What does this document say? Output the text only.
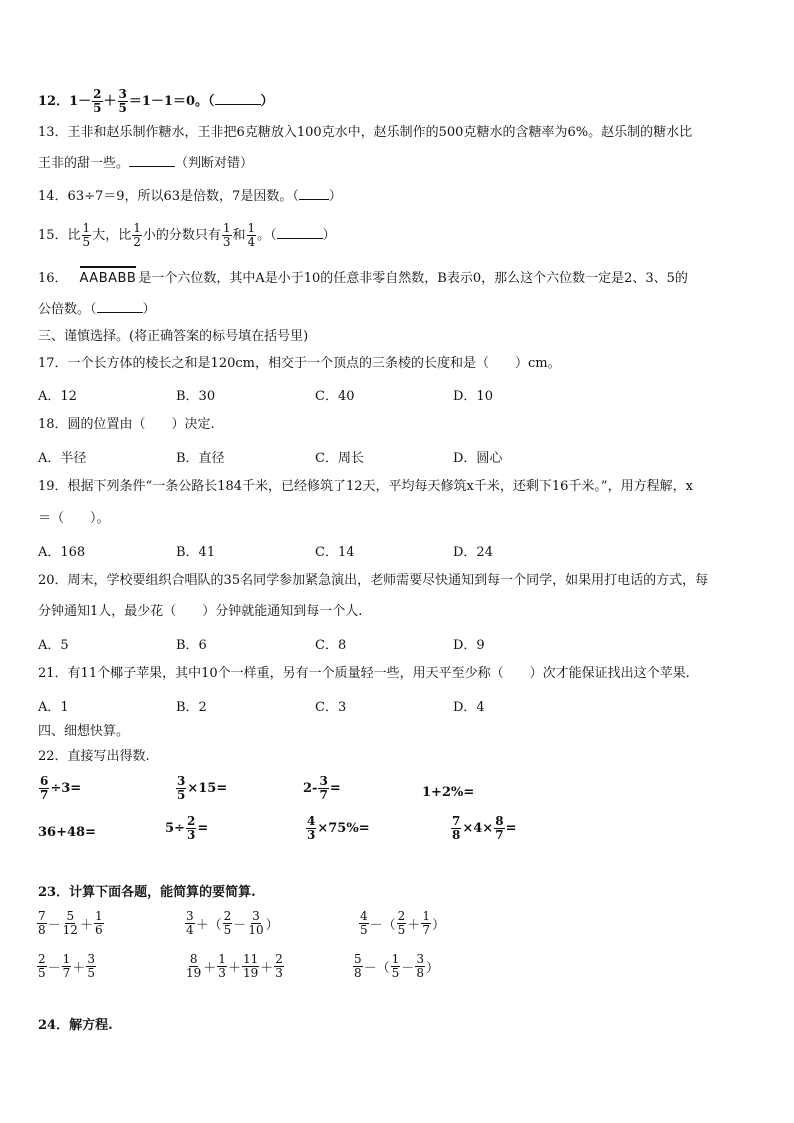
12．$1- \frac{2}{5} + \frac{3}{5} =1-1=0$。（	）
13．王非和赵乐制作糖水，王非把6克糖放入100克水中，赵乐制作的500克糖水的含糖率为6%。赵乐制的糖水比
王非的甜一些。	（判断对错）
14．63÷7＝9，所以63是倍数，7是因数。（ ）
15．比 $\frac{1}{5}$ 大，比 $\frac{1}{2}$ 小的分数只有 $\frac{1}{3}$ 和 $\frac{1}{4}$ 。（	）
16． AABABB 是一个六位数，其中A是小于10的任意非零自然数，B表示0，那么这个六位数一定是2、3、5的
公倍数。（	）
三、谨慎选择。(将正确答案的标号填在括号里)
17．一个长方体的棱长之和是120cm，相交于一个顶点的三条棱的长度和是（　　）cm。
A．12	B．30	C．40	D．10
18．圆的位置由（　　）决定.
A．半径	B．直径	C．周长	D．圆心
19．根据下列条件“一条公路长184千米，已经修筑了12天，平均每天修筑x千米，还剩下16千米。”，用方程解，x
＝（　　）。
A．168	B．41	C．14	D．24
20．周末，学校要组织合唱队的35名同学参加紧急演出，老师需要尽快通知到每一个同学，如果用打电话的方式，每
分钟通知1人，最少花（　　）分钟就能通知到每一个人.
A．5	B．6	C．8	D．9
21．有11个椰子苹果，其中10个一样重，另有一个质量轻一些，用天平至少称（　　）次才能保证找出这个苹果.
A．1	B．2	C．3	D．4
四、细想快算。
22．直接写出得数.
$\frac{6}{7} \div 3=$	$\frac{3}{5} \times 15=$	$2- \frac{3}{7}$ =	1+2%=
36+48=	$5\div \frac{2}{3}$ =	$\frac{4}{3} \times 75\%=$	$\frac{7}{8} \times 4\times \frac{8}{7}$ =
23．计算下面各题，能简算的要简算.
$\frac{7}{8} - \frac{5}{12} + \frac{1}{6}$	$\frac{3}{4}$ ＋（ $\frac{2}{5} - \frac{3}{10}$ ）	$\frac{4}{5}$ －（ $\frac{2}{5} + \frac{1}{7}$ ）
$\frac{2}{5} - \frac{1}{7} + \frac{3}{5}$	$\frac{8}{19} + \frac{1}{3} + \frac{11}{19} + \frac{2}{3}$	$\frac{5}{8}$ －（ $\frac{1}{5} - \frac{3}{8}$ ）
24．解方程.
